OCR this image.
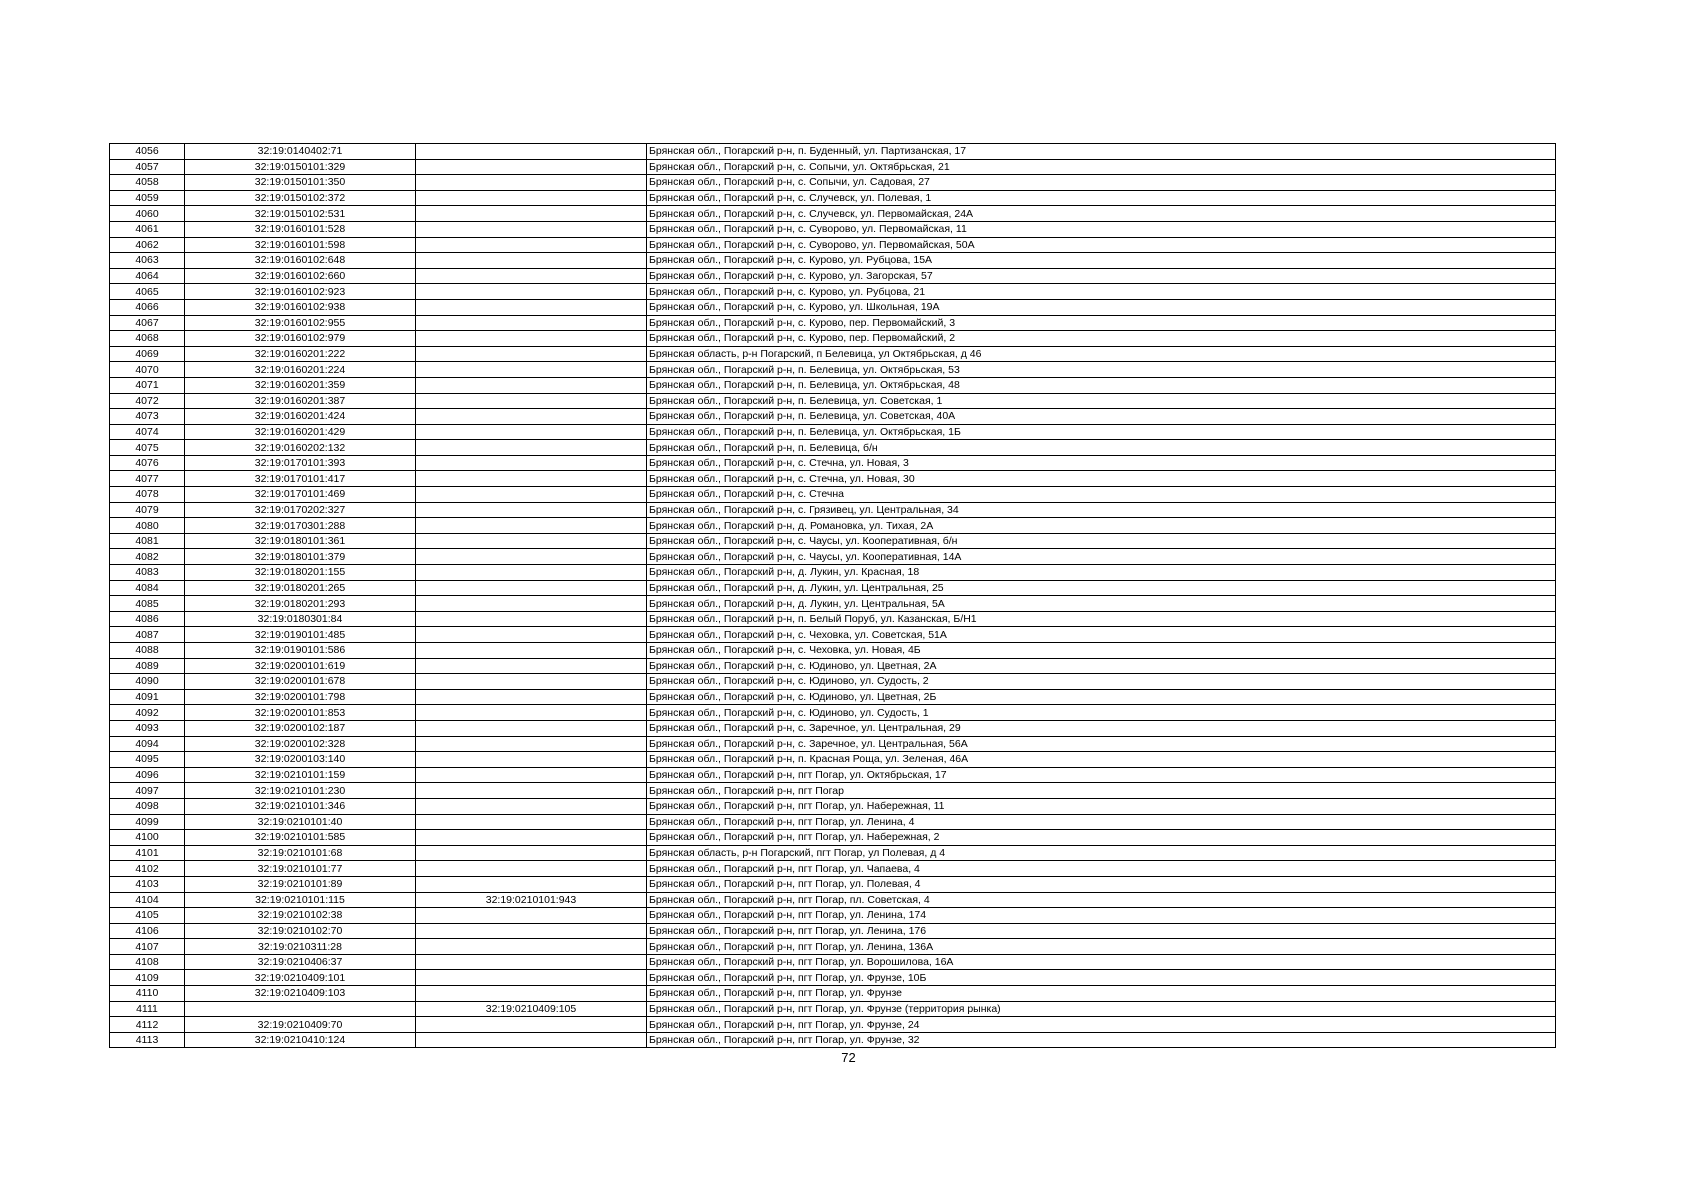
4056	32:19:0140402:71		Брянская обл., Погарский р-н, п. Буденный, ул. Партизанская, 17
4057	32:19:0150101:329		Брянская обл., Погарский р-н, с. Сопычи, ул. Октябрьская, 21
4058	32:19:0150101:350		Брянская обл., Погарский р-н, с. Сопычи, ул. Садовая, 27
4059	32:19:0150102:372		Брянская обл., Погарский р-н, с. Случевск, ул. Полевая, 1
4060	32:19:0150102:531		Брянская обл., Погарский р-н, с. Случевск, ул. Первомайская, 24А
4061	32:19:0160101:528		Брянская обл., Погарский р-н, с. Суворово, ул. Первомайская, 11
4062	32:19:0160101:598		Брянская обл., Погарский р-н, с. Суворово, ул. Первомайская, 50А
4063	32:19:0160102:648		Брянская обл., Погарский р-н, с. Курово, ул. Рубцова, 15А
4064	32:19:0160102:660		Брянская обл., Погарский р-н, с. Курово, ул. Загорская, 57
4065	32:19:0160102:923		Брянская обл., Погарский р-н, с. Курово, ул. Рубцова, 21
4066	32:19:0160102:938		Брянская обл., Погарский р-н, с. Курово, ул. Школьная, 19А
4067	32:19:0160102:955		Брянская обл., Погарский р-н, с. Курово, пер. Первомайский, 3
4068	32:19:0160102:979		Брянская обл., Погарский р-н, с. Курово, пер. Первомайский, 2
4069	32:19:0160201:222		Брянская область, р-н Погарский, п Белевица, ул Октябрьская, д 46
4070	32:19:0160201:224		Брянская обл., Погарский р-н, п. Белевица, ул. Октябрьская, 53
4071	32:19:0160201:359		Брянская обл., Погарский р-н, п. Белевица, ул. Октябрьская, 48
4072	32:19:0160201:387		Брянская обл., Погарский р-н, п. Белевица, ул. Советская, 1
4073	32:19:0160201:424		Брянская обл., Погарский р-н, п. Белевица, ул. Советская, 40А
4074	32:19:0160201:429		Брянская обл., Погарский р-н, п. Белевица, ул. Октябрьская, 1Б
4075	32:19:0160202:132		Брянская обл., Погарский р-н, п. Белевица, б/н
4076	32:19:0170101:393		Брянская обл., Погарский р-н, с. Стечна, ул. Новая, 3
4077	32:19:0170101:417		Брянская обл., Погарский р-н, с. Стечна, ул. Новая, 30
4078	32:19:0170101:469		Брянская обл., Погарский р-н, с. Стечна
4079	32:19:0170202:327		Брянская обл., Погарский р-н, с. Грязивец, ул. Центральная, 34
4080	32:19:0170301:288		Брянская обл., Погарский р-н, д. Романовка, ул. Тихая, 2А
4081	32:19:0180101:361		Брянская обл., Погарский р-н, с. Чаусы, ул. Кооперативная, б/н
4082	32:19:0180101:379		Брянская обл., Погарский р-н, с. Чаусы, ул. Кооперативная, 14А
4083	32:19:0180201:155		Брянская обл., Погарский р-н, д. Лукин, ул. Красная, 18
4084	32:19:0180201:265		Брянская обл., Погарский р-н, д. Лукин, ул. Центральная, 25
4085	32:19:0180201:293		Брянская обл., Погарский р-н, д. Лукин, ул. Центральная, 5А
4086	32:19:0180301:84		Брянская обл., Погарский р-н, п. Белый Поруб, ул. Казанская, Б/Н1
4087	32:19:0190101:485		Брянская обл., Погарский р-н, с. Чеховка, ул. Советская, 51А
4088	32:19:0190101:586		Брянская обл., Погарский р-н, с. Чеховка, ул. Новая, 4Б
4089	32:19:0200101:619		Брянская обл., Погарский р-н, с. Юдиново, ул. Цветная, 2А
4090	32:19:0200101:678		Брянская обл., Погарский р-н, с. Юдиново, ул. Судость, 2
4091	32:19:0200101:798		Брянская обл., Погарский р-н, с. Юдиново, ул. Цветная, 2Б
4092	32:19:0200101:853		Брянская обл., Погарский р-н, с. Юдиново, ул. Судость, 1
4093	32:19:0200102:187		Брянская обл., Погарский р-н, с. Заречное, ул. Центральная, 29
4094	32:19:0200102:328		Брянская обл., Погарский р-н, с. Заречное, ул. Центральная, 56А
4095	32:19:0200103:140		Брянская обл., Погарский р-н, п. Красная Роща, ул. Зеленая, 46А
4096	32:19:0210101:159		Брянская обл., Погарский р-н, пгт Погар, ул. Октябрьская, 17
4097	32:19:0210101:230		Брянская обл., Погарский р-н, пгт Погар
4098	32:19:0210101:346		Брянская обл., Погарский р-н, пгт Погар, ул. Набережная, 11
4099	32:19:0210101:40		Брянская обл., Погарский р-н, пгт Погар, ул. Ленина, 4
4100	32:19:0210101:585		Брянская обл., Погарский р-н, пгт Погар, ул. Набережная, 2
4101	32:19:0210101:68		Брянская область, р-н Погарский, пгт Погар, ул Полевая, д 4
4102	32:19:0210101:77		Брянская обл., Погарский р-н, пгт Погар, ул. Чапаева, 4
4103	32:19:0210101:89		Брянская обл., Погарский р-н, пгт Погар, ул. Полевая, 4
4104	32:19:0210101:115	32:19:0210101:943	Брянская обл., Погарский р-н, пгт Погар, пл. Советская, 4
4105	32:19:0210102:38		Брянская обл., Погарский р-н, пгт Погар, ул. Ленина, 174
4106	32:19:0210102:70		Брянская обл., Погарский р-н, пгт Погар, ул. Ленина, 176
4107	32:19:0210311:28		Брянская обл., Погарский р-н, пгт Погар, ул. Ленина, 136А
4108	32:19:0210406:37		Брянская обл., Погарский р-н, пгт Погар, ул. Ворошилова, 16А
4109	32:19:0210409:101		Брянская обл., Погарский р-н, пгт Погар, ул. Фрунзе, 10Б
4110	32:19:0210409:103		Брянская обл., Погарский р-н, пгт Погар, ул. Фрунзе
4111		32:19:0210409:105	Брянская обл., Погарский р-н, пгт Погар, ул. Фрунзе (территория рынка)
4112	32:19:0210409:70		Брянская обл., Погарский р-н, пгт Погар, ул. Фрунзе, 24
4113	32:19:0210410:124		Брянская обл., Погарский р-н, пгт Погар, ул. Фрунзе, 32
72
